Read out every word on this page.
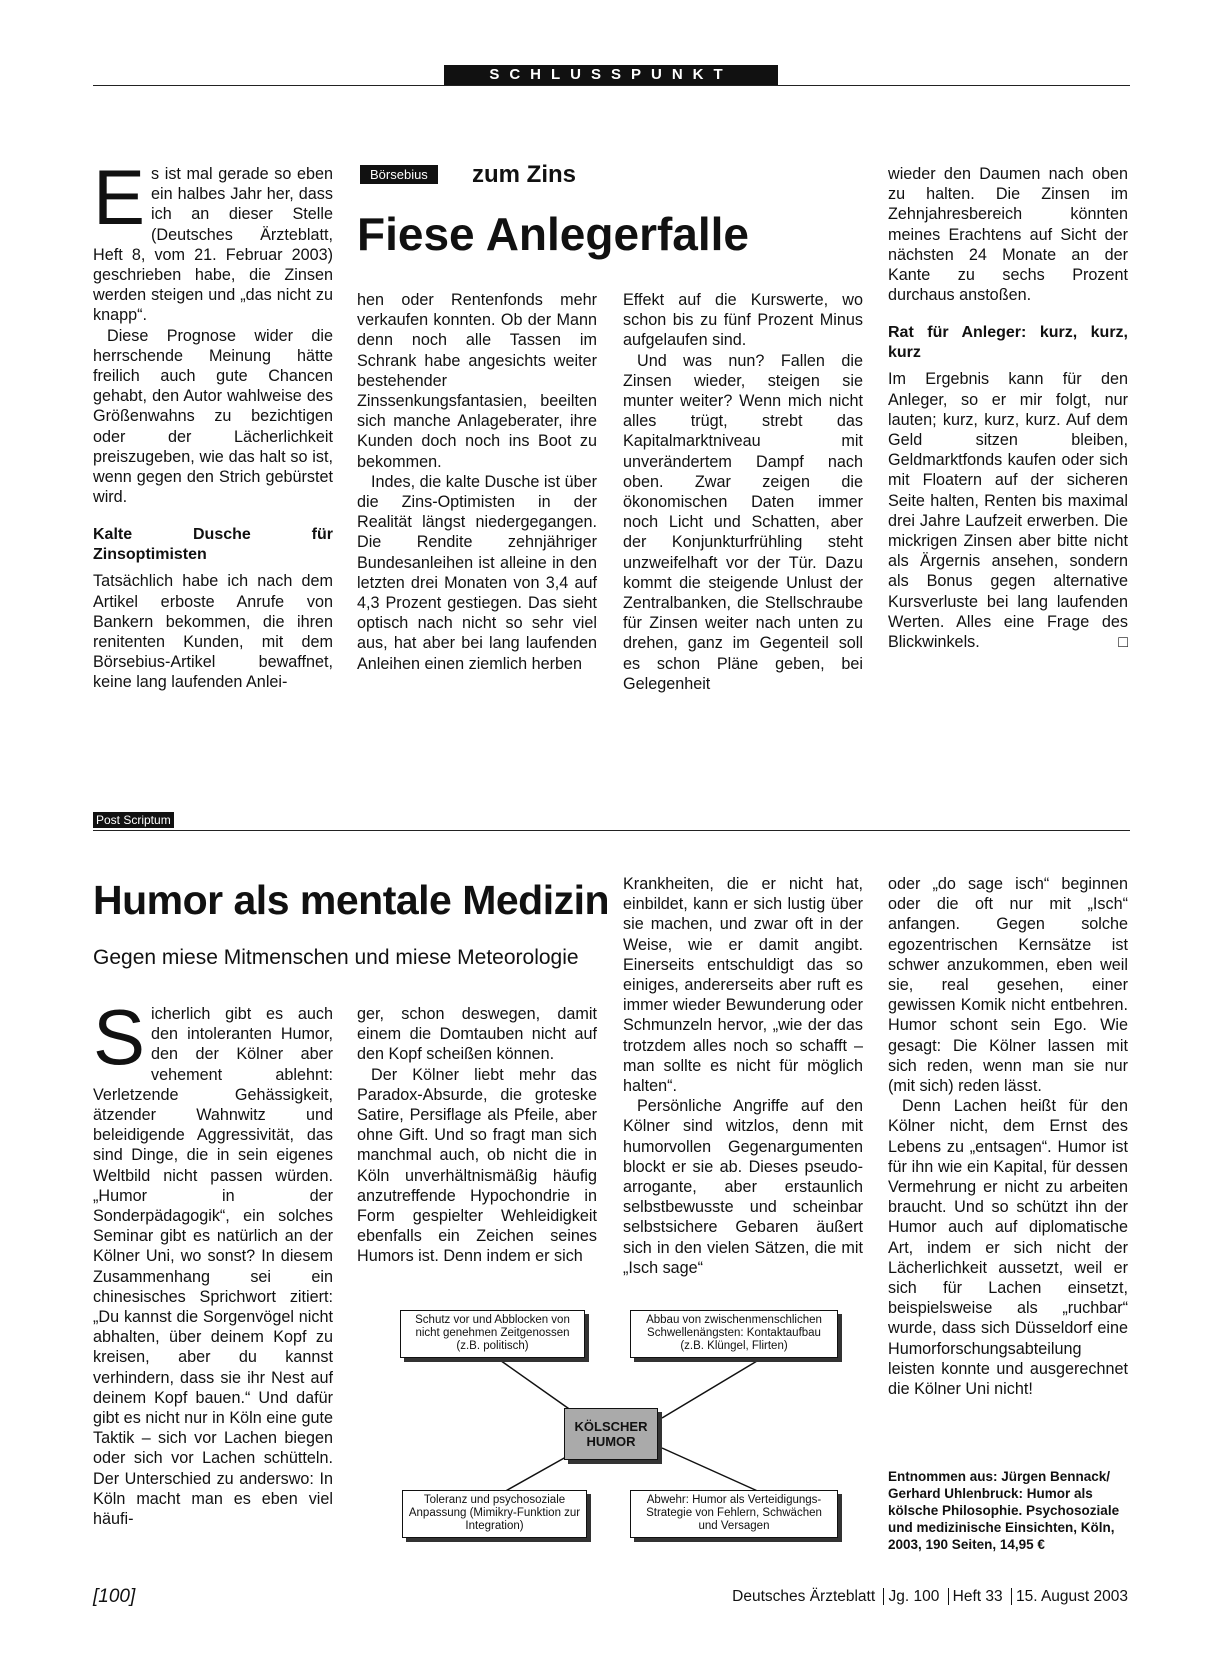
SCHLUSSPUNKT
E s ist mal gerade so eben ein halbes Jahr her, dass ich an dieser Stelle (Deutsches Ärzteblatt, Heft 8, vom 21. Februar 2003) geschrieben habe, die Zinsen werden steigen und „das nicht zu knapp“.

Diese Prognose wider die herrschende Meinung hätte freilich auch gute Chancen gehabt, den Autor wahlweise des Größenwahns zu bezichtigen oder der Lächerlichkeit preiszugeben, wie das halt so ist, wenn gegen den Strich gebürstet wird.

Kalte Dusche für Zinsoptimisten

Tatsächlich habe ich nach dem Artikel erboste Anrufe von Bankern bekommen, die ihren renitenten Kunden, mit dem Börsebius-Artikel bewaffnet, keine lang laufenden Anlei-

Börsebius	zum Zins
Fiese Anlegerfalle

hen oder Rentenfonds mehr verkaufen konnten. Ob der Mann denn noch alle Tassen im Schrank habe angesichts weiter bestehender Zinssenkungsfantasien, beeilten sich manche Anlageberater, ihre Kunden doch noch ins Boot zu bekommen.

Indes, die kalte Dusche ist über die Zins-Optimisten in der Realität längst niedergegangen. Die Rendite zehnjähriger Bundesanleihen ist alleine in den letzten drei Monaten von 3,4 auf 4,3 Prozent gestiegen. Das sieht optisch nach nicht so sehr viel aus, hat aber bei lang laufenden Anleihen einen ziemlich herben

Effekt auf die Kurswerte, wo schon bis zu fünf Prozent Minus aufgelaufen sind.

Und was nun? Fallen die Zinsen wieder, steigen sie munter weiter? Wenn mich nicht alles trügt, strebt das Kapitalmarktniveau mit unverändertem Dampf nach oben. Zwar zeigen die ökonomischen Daten immer noch Licht und Schatten, aber der Konjunkturfrühling steht unzweifelhaft vor der Tür. Dazu kommt die steigende Unlust der Zentralbanken, die Stellschraube für Zinsen weiter nach unten zu drehen, ganz im Gegenteil soll es schon Pläne geben, bei Gelegenheit

wieder den Daumen nach oben zu halten. Die Zinsen im Zehnjahresbereich könnten meines Erachtens auf Sicht der nächsten 24 Monate an der Kante zu sechs Prozent durchaus anstoßen.

Rat für Anleger: kurz, kurz, kurz

Im Ergebnis kann für den Anleger, so er mir folgt, nur lauten; kurz, kurz, kurz. Auf dem Geld sitzen bleiben, Geldmarktfonds kaufen oder sich mit Floatern auf der sicheren Seite halten, Renten bis maximal drei Jahre Laufzeit erwerben. Die mickrigen Zinsen aber bitte nicht als Ärgernis ansehen, sondern als Bonus gegen alternative Kursverluste bei lang laufenden Werten. Alles eine Frage des Blickwinkels.	□

Post Scriptum
Humor als mentale Medizin
Gegen miese Mitmenschen und miese Meteorologie
S icherlich gibt es auch den intoleranten Humor, den der Kölner aber vehement ablehnt: Verletzende Gehässigkeit, ätzender Wahnwitz und beleidigende Aggressivität, das sind Dinge, die in sein eigenes Weltbild nicht passen würden. „Humor in der Sonderpädagogik“, ein solches Seminar gibt es natürlich an der Kölner Uni, wo sonst? In diesem Zusammenhang sei ein chinesisches Sprichwort zitiert: „Du kannst die Sorgenvögel nicht abhalten, über deinem Kopf zu kreisen, aber du kannst verhindern, dass sie ihr Nest auf deinem Kopf bauen.“ Und dafür gibt es nicht nur in Köln eine gute Taktik – sich vor Lachen biegen oder sich vor Lachen schütteln. Der Unterschied zu anderswo: In Köln macht man es eben viel häufi-

ger, schon deswegen, damit einem die Domtauben nicht auf den Kopf scheißen können.

Der Kölner liebt mehr das Paradox-Absurde, die groteske Satire, Persiflage als Pfeile, aber ohne Gift. Und so fragt man sich manchmal auch, ob nicht die in Köln unverhältnismäßig häufig anzutreffende Hypochondrie in Form gespielter Wehleidigkeit ebenfalls ein Zeichen seines Humors ist. Denn indem er sich

Krankheiten, die er nicht hat, einbildet, kann er sich lustig über sie machen, und zwar oft in der Weise, wie er damit angibt. Einerseits entschuldigt das so einiges, andererseits aber ruft es immer wieder Bewunderung oder Schmunzeln hervor, „wie der das trotzdem alles noch so schafft – man sollte es nicht für möglich halten“.

Persönliche Angriffe auf den Kölner sind witzlos, denn mit humorvollen Gegenargumenten blockt er sie ab. Dieses pseudo-arrogante, aber erstaunlich selbstbewusste und scheinbar selbstsichere Gebaren äußert sich in den vielen Sätzen, die mit „Isch sage“

oder „do sage isch“ beginnen oder die oft nur mit „Isch“ anfangen. Gegen solche egozentrischen Kernsätze ist schwer anzukommen, eben weil sie, real gesehen, einer gewissen Komik nicht entbehren. Humor schont sein Ego. Wie gesagt: Die Kölner lassen mit sich reden, wenn man sie nur (mit sich) reden lässt.

Denn Lachen heißt für den Kölner nicht, dem Ernst des Lebens zu „entsagen“. Humor ist für ihn wie ein Kapital, für dessen Vermehrung er nicht zu arbeiten braucht. Und so schützt ihn der Humor auch auf diplomatische Art, indem er sich nicht der Lächerlichkeit aussetzt, weil er sich für Lachen einsetzt, beispielsweise als „ruchbar“ wurde, dass sich Düsseldorf eine Humorforschungsabteilung leisten konnte und ausgerechnet die Kölner Uni nicht!

Schutz vor und Abblocken von nicht genehmen Zeitgenossen (z.B. politisch)
Abbau von zwischenmenschlichen Schwellenängsten: Kontaktaufbau (z.B. Klüngel, Flirten)
KÖLSCHER HUMOR
Toleranz und psychosoziale Anpassung (Mimikry-Funktion zur Integration)
Abwehr: Humor als Verteidigungs-Strategie von Fehlern, Schwächen und Versagen
Entnommen aus: Jürgen Bennack/ Gerhard Uhlenbruck: Humor als kölsche Philosophie. Psychosoziale und medizinische Einsichten, Köln, 2003, 190 Seiten, 14,95 €
[100]	Deutsches Ärzteblatt Jg. 100 Heft 33 15. August 2003
